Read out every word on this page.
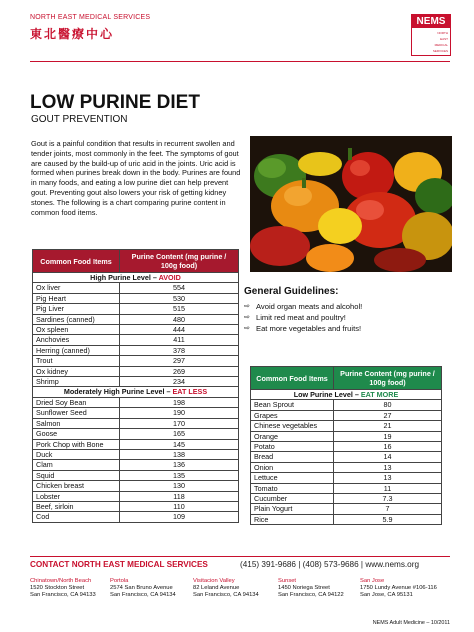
NORTH EAST MEDICAL SERVICES
東北醫療中心
NEMS
NORTH
EAST
MEDICAL
SERVICES
LOW PURINE DIET
GOUT PREVENTION
Gout is a painful condition that results in recurrent swollen and tender joints, most commonly in the feet. The symptoms of gout are caused by the build-up of uric acid in the joints. Uric acid is formed when purines break down in the body. Purines are found in many foods, and eating a low purine diet can help prevent gout. Preventing gout also lowers your risk of getting kidney stones. The following is a chart comparing purine content in common food items.
Common Food Items	Purine Content (mg purine / 100g food)
High Purine Level – AVOID	
Ox liver	554
Pig Heart	530
Pig Liver	515
Sardines (canned)	480
Ox spleen	444
Anchovies	411
Herring (canned)	378
Trout	297
Ox kidney	269
Shrimp	234
Moderately High Purine Level – EAT LESS	
Dried Soy Bean	198
Sunflower Seed	190
Salmon	170
Goose	165
Pork Chop with Bone	145
Duck	138
Clam	136
Squid	135
Chicken breast	130
Lobster	118
Beef, sirloin	110
Cod	109
General Guidelines:
⇨ Avoid organ meats and alcohol!
⇨ Limit red meat and poultry!
⇨ Eat more vegetables and fruits!
Common Food Items	Purine Content (mg purine / 100g food)
Low Purine Level – EAT MORE	
Bean Sprout	80
Grapes	27
Chinese vegetables	21
Orange	19
Potato	16
Bread	14
Onion	13
Lettuce	13
Tomato	11
Cucumber	7.3
Plain Yogurt	7
Rice	5.9
CONTACT NORTH EAST MEDICAL SERVICES	(415) 391-9686 | (408) 573-9686 | www.nems.org
Chinatown/North Beach
1520 Stockton Street
San Francisco, CA 94133
Portola
2574 San Bruno Avenue
San Francisco, CA 94134
Visitacion Valley
82 Leland Avenue
San Francisco, CA 94134
Sunset
1450 Noriega Street
San Francisco, CA 94122
San Jose
1750 Lundy Avenue #106-116
San Jose, CA 95131
NEMS Adult Medicine – 10/2011
